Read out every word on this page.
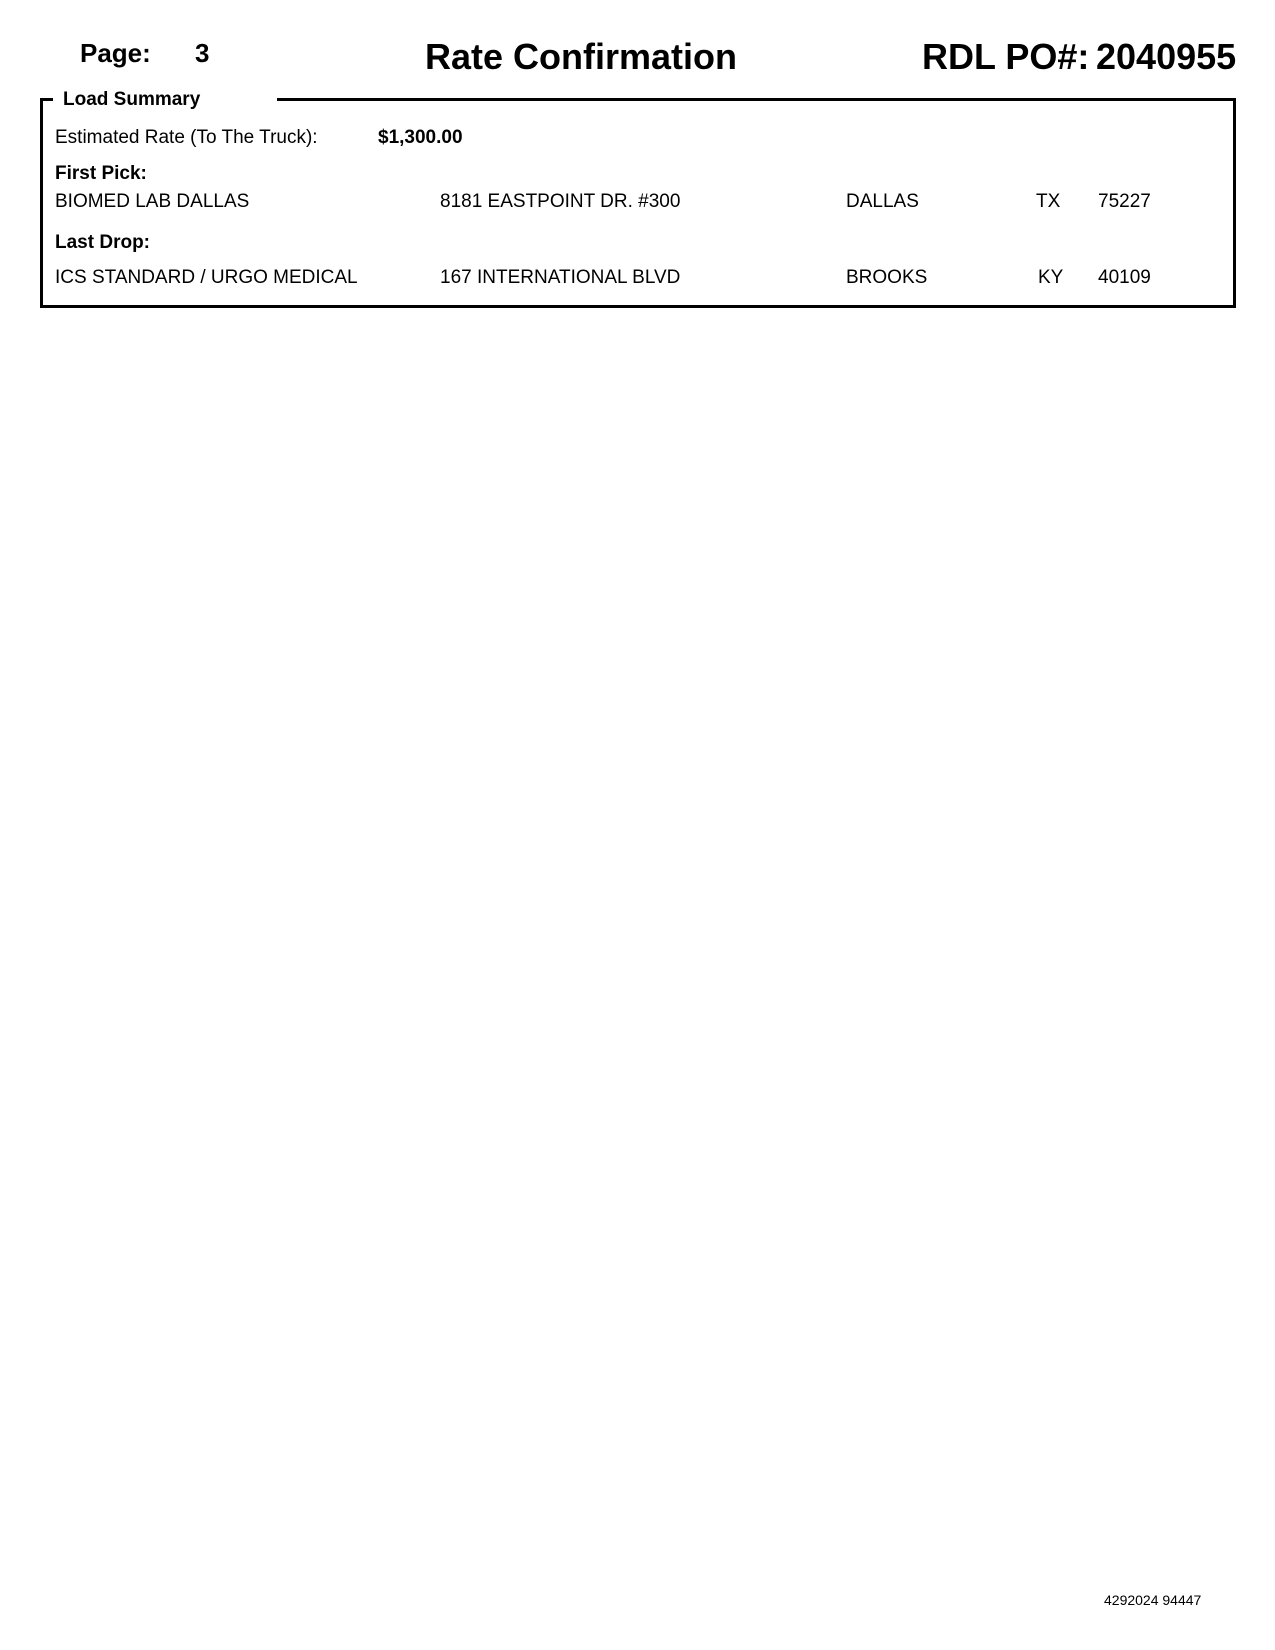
Page: 3	Rate Confirmation	RDL PO#: 2040955
Load Summary
Estimated Rate (To The Truck):	$1,300.00
First Pick:
BIOMED LAB DALLAS	8181 EASTPOINT DR. #300	DALLAS	TX 75227
Last Drop:
ICS STANDARD / URGO MEDICAL	167 INTERNATIONAL BLVD	BROOKS	KY 40109
4292024 94447
